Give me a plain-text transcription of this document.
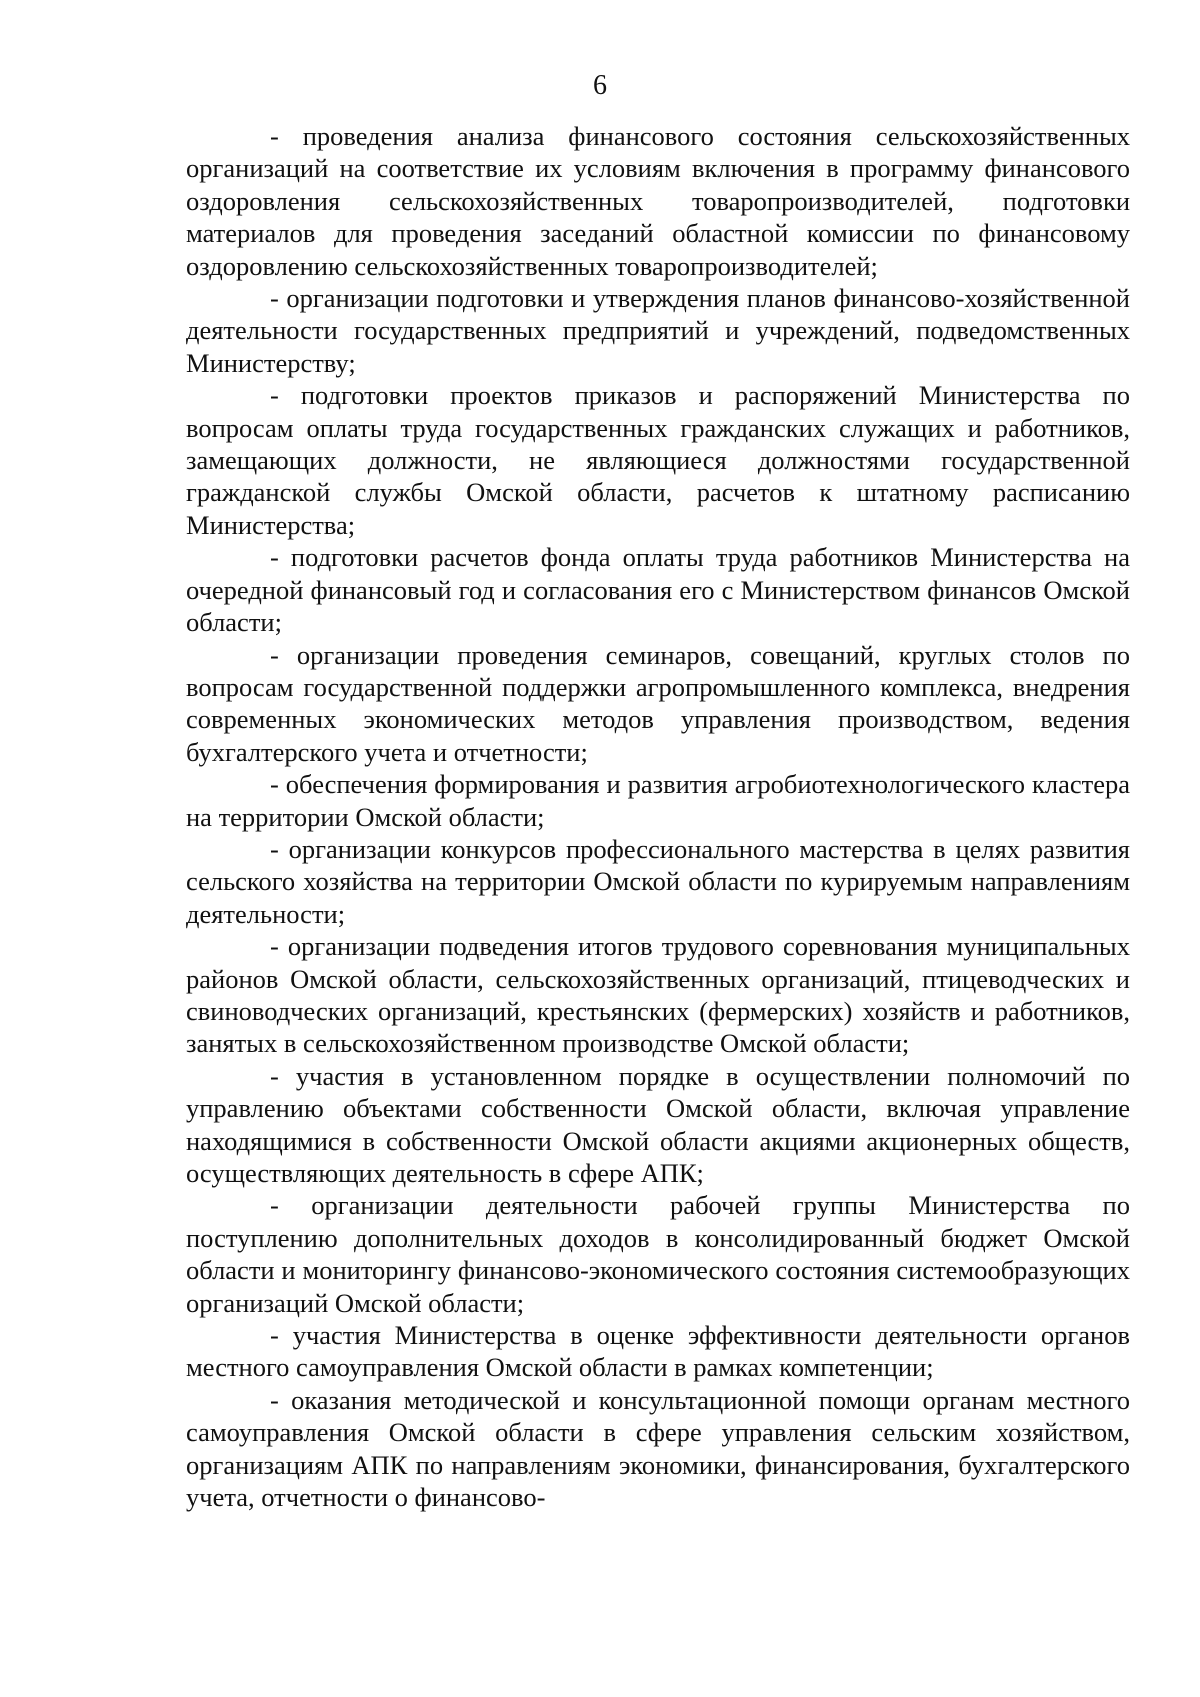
6

- проведения анализа финансового состояния сельскохозяйственных организаций на соответствие их условиям включения в программу финансового оздоровления сельскохозяйственных товаропроизводителей, подготовки материалов для проведения заседаний областной комиссии по финансовому оздоровлению сельскохозяйственных товаропроизводителей;

- организации подготовки и утверждения планов финансово-хозяйственной деятельности государственных предприятий и учреждений, подведомственных Министерству;

- подготовки проектов приказов и распоряжений Министерства по вопросам оплаты труда государственных гражданских служащих и работников, замещающих должности, не являющиеся должностями государственной гражданской службы Омской области, расчетов к штатному расписанию Министерства;

- подготовки расчетов фонда оплаты труда работников Министерства на очередной финансовый год и согласования его с Министерством финансов Омской области;

- организации проведения семинаров, совещаний, круглых столов по вопросам государственной поддержки агропромышленного комплекса, внедрения современных экономических методов управления производством, ведения бухгалтерского учета и отчетности;

- обеспечения формирования и развития агробиотехнологического кластера на территории Омской области;

- организации конкурсов профессионального мастерства в целях развития сельского хозяйства на территории Омской области по курируемым направлениям деятельности;

- организации подведения итогов трудового соревнования муниципальных районов Омской области, сельскохозяйственных организаций, птицеводческих и свиноводческих организаций, крестьянских (фермерских) хозяйств и работников, занятых в сельскохозяйственном производстве Омской области;

- участия в установленном порядке в осуществлении полномочий по управлению объектами собственности Омской области, включая управление находящимися в собственности Омской области акциями акционерных обществ, осуществляющих деятельность в сфере АПК;

- организации деятельности рабочей группы Министерства по поступлению дополнительных доходов в консолидированный бюджет Омской области и мониторингу финансово-экономического состояния системообразующих организаций Омской области;

- участия Министерства в оценке эффективности деятельности органов местного самоуправления Омской области в рамках компетенции;

- оказания методической и консультационной помощи органам местного самоуправления Омской области в сфере управления сельским хозяйством, организациям АПК по направлениям экономики, финансирования, бухгалтерского учета, отчетности о финансово-
